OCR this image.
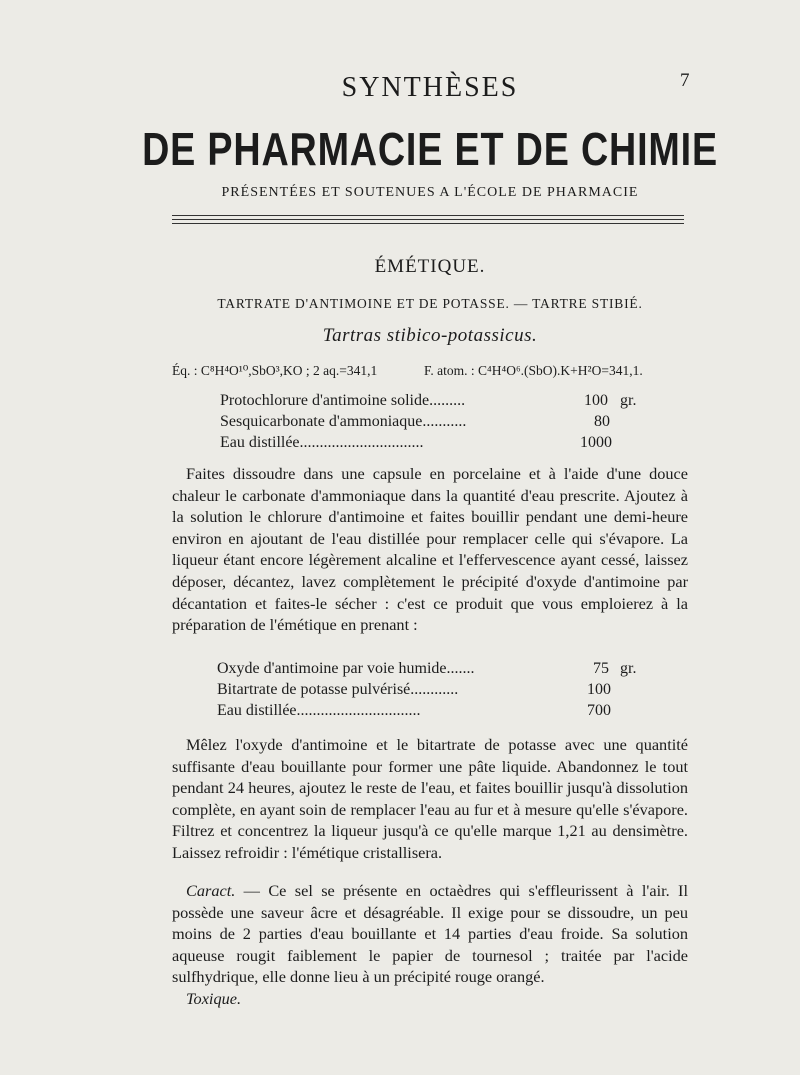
7
SYNTHÈSES
DE PHARMACIE ET DE CHIMIE
PRÉSENTÉES ET SOUTENUES A L'ÉCOLE DE PHARMACIE
ÉMÉTIQUE.
TARTRATE D'ANTIMOINE ET DE POTASSE. — TARTRE STIBIÉ.
Tartras stibico-potassicus.
Éq. : C⁸H⁴O¹⁰,SbO³,KO ; 2 aq.=341,1	F. atom. : C⁴H⁴O⁶.(SbO).K+H²O=341,1.
Protochlorure d'antimoine solide.........	100 gr.
Sesquicarbonate d'ammoniaque...........	80
Eau distillée...............................	1000

Faites dissoudre dans une capsule en porcelaine et à l'aide d'une douce chaleur le carbonate d'ammoniaque dans la quantité d'eau prescrite. Ajoutez à la solution le chlorure d'antimoine et faites bouillir pendant une demi-heure environ en ajoutant de l'eau distillée pour remplacer celle qui s'évapore. La liqueur étant encore légèrement alcaline et l'effervescence ayant cessé, laissez déposer, décantez, lavez complètement le précipité d'oxyde d'antimoine par décantation et faites-le sécher : c'est ce produit que vous emploierez à la préparation de l'émétique en prenant :

Oxyde d'antimoine par voie humide.......	75 gr.
Bitartrate de potasse pulvérisé............	100
Eau distillée...............................	700

Mêlez l'oxyde d'antimoine et le bitartrate de potasse avec une quantité suffisante d'eau bouillante pour former une pâte liquide. Abandonnez le tout pendant 24 heures, ajoutez le reste de l'eau, et faites bouillir jusqu'à dissolution complète, en ayant soin de remplacer l'eau au fur et à mesure qu'elle s'évapore. Filtrez et concentrez la liqueur jusqu'à ce qu'elle marque 1,21 au densimètre. Laissez refroidir : l'émétique cristallisera.

Caract. — Ce sel se présente en octaèdres qui s'effleurissent à l'air. Il possède une saveur âcre et désagréable. Il exige pour se dissoudre, un peu moins de 2 parties d'eau bouillante et 14 parties d'eau froide. Sa solution aqueuse rougit faiblement le papier de tournesol ; traitée par l'acide sulfhydrique, elle donne lieu à un précipité rouge orangé.

Toxique.
